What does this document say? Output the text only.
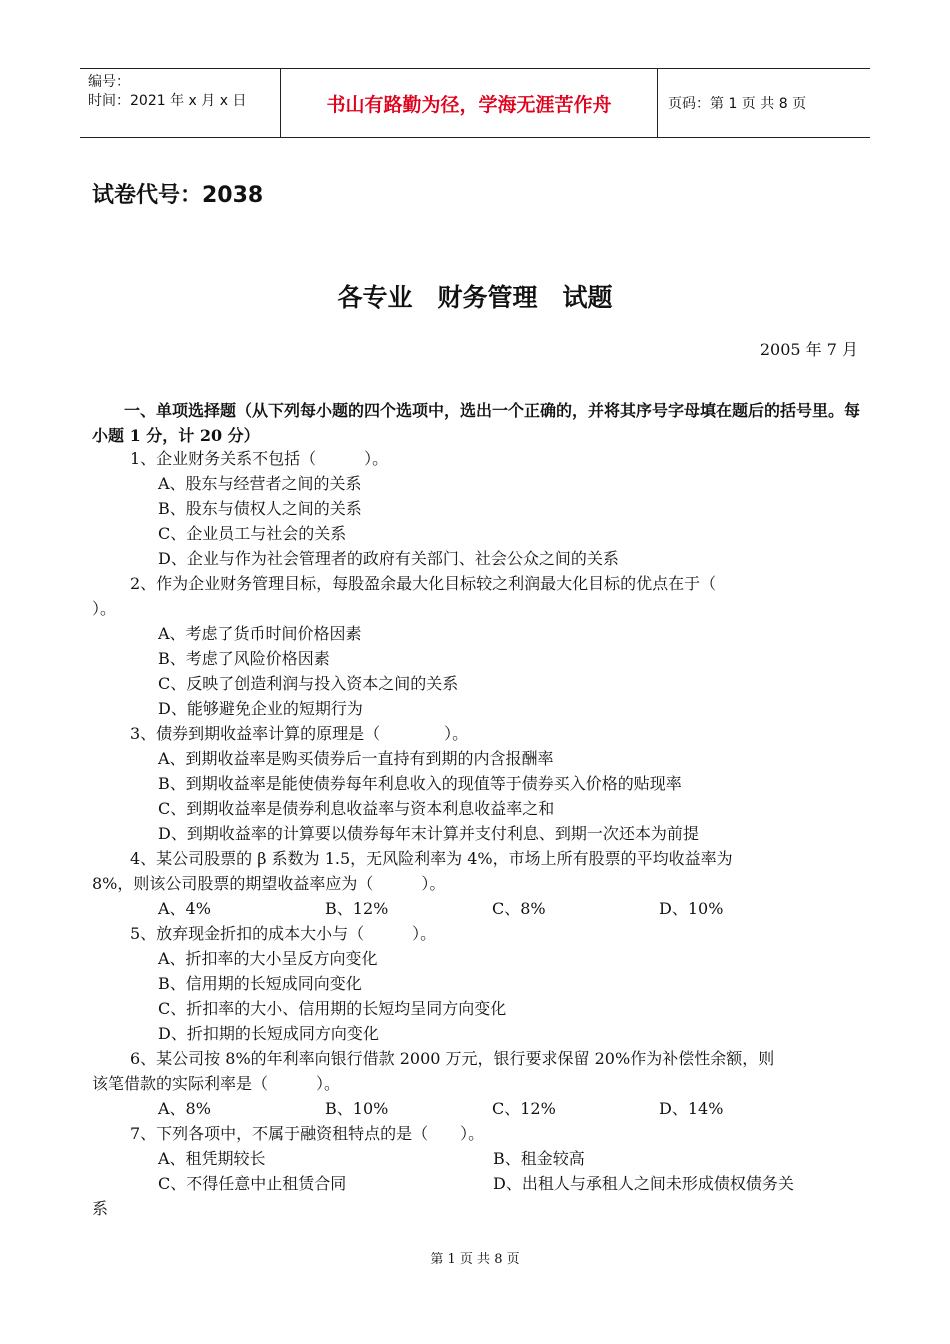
编号：
时间：2021 年 x 月 x 日	书山有路勤为径，学海无涯苦作舟	页码：第 1 页 共 8 页
试卷代号：2038
各专业　财务管理　试题
2005 年 7 月
一、单项选择题（从下列每小题的四个选项中，选出一个正确的，并将其序号字母填在题后的括号里。每小题 1 分，计 20 分）
1、企业财务关系不包括（　　　）。
A、股东与经营者之间的关系
B、股东与债权人之间的关系
C、企业员工与社会的关系
D、企业与作为社会管理者的政府有关部门、社会公众之间的关系
2、作为企业财务管理目标，每股盈余最大化目标较之利润最大化目标的优点在于（
）。
A、考虑了货币时间价格因素
B、考虑了风险价格因素
C、反映了创造利润与投入资本之间的关系
D、能够避免企业的短期行为
3、债券到期收益率计算的原理是（　　　　）。
A、到期收益率是购买债券后一直持有到期的内含报酬率
B、到期收益率是能使债券每年利息收入的现值等于债券买入价格的贴现率
C、到期收益率是债券利息收益率与资本利息收益率之和
D、到期收益率的计算要以债券每年末计算并支付利息、到期一次还本为前提
4、某公司股票的 β 系数为 1.5，无风险利率为 4%，市场上所有股票的平均收益率为
8%，则该公司股票的期望收益率应为（　　　）。
A、4%	B、12%	C、8%	D、10%
5、放弃现金折扣的成本大小与（　　　）。
A、折扣率的大小呈反方向变化
B、信用期的长短成同向变化
C、折扣率的大小、信用期的长短均呈同方向变化
D、折扣期的长短成同方向变化
6、某公司按 8%的年利率向银行借款 2000 万元，银行要求保留 20%作为补偿性余额，则
该笔借款的实际利率是（　　　）。
A、8%	B、10%	C、12%	D、14%
7、下列各项中，不属于融资租特点的是（　　）。
A、租凭期较长	B、租金较高
C、不得任意中止租赁合同	D、出租人与承租人之间未形成债权债务关
系
第 1 页 共 8 页
